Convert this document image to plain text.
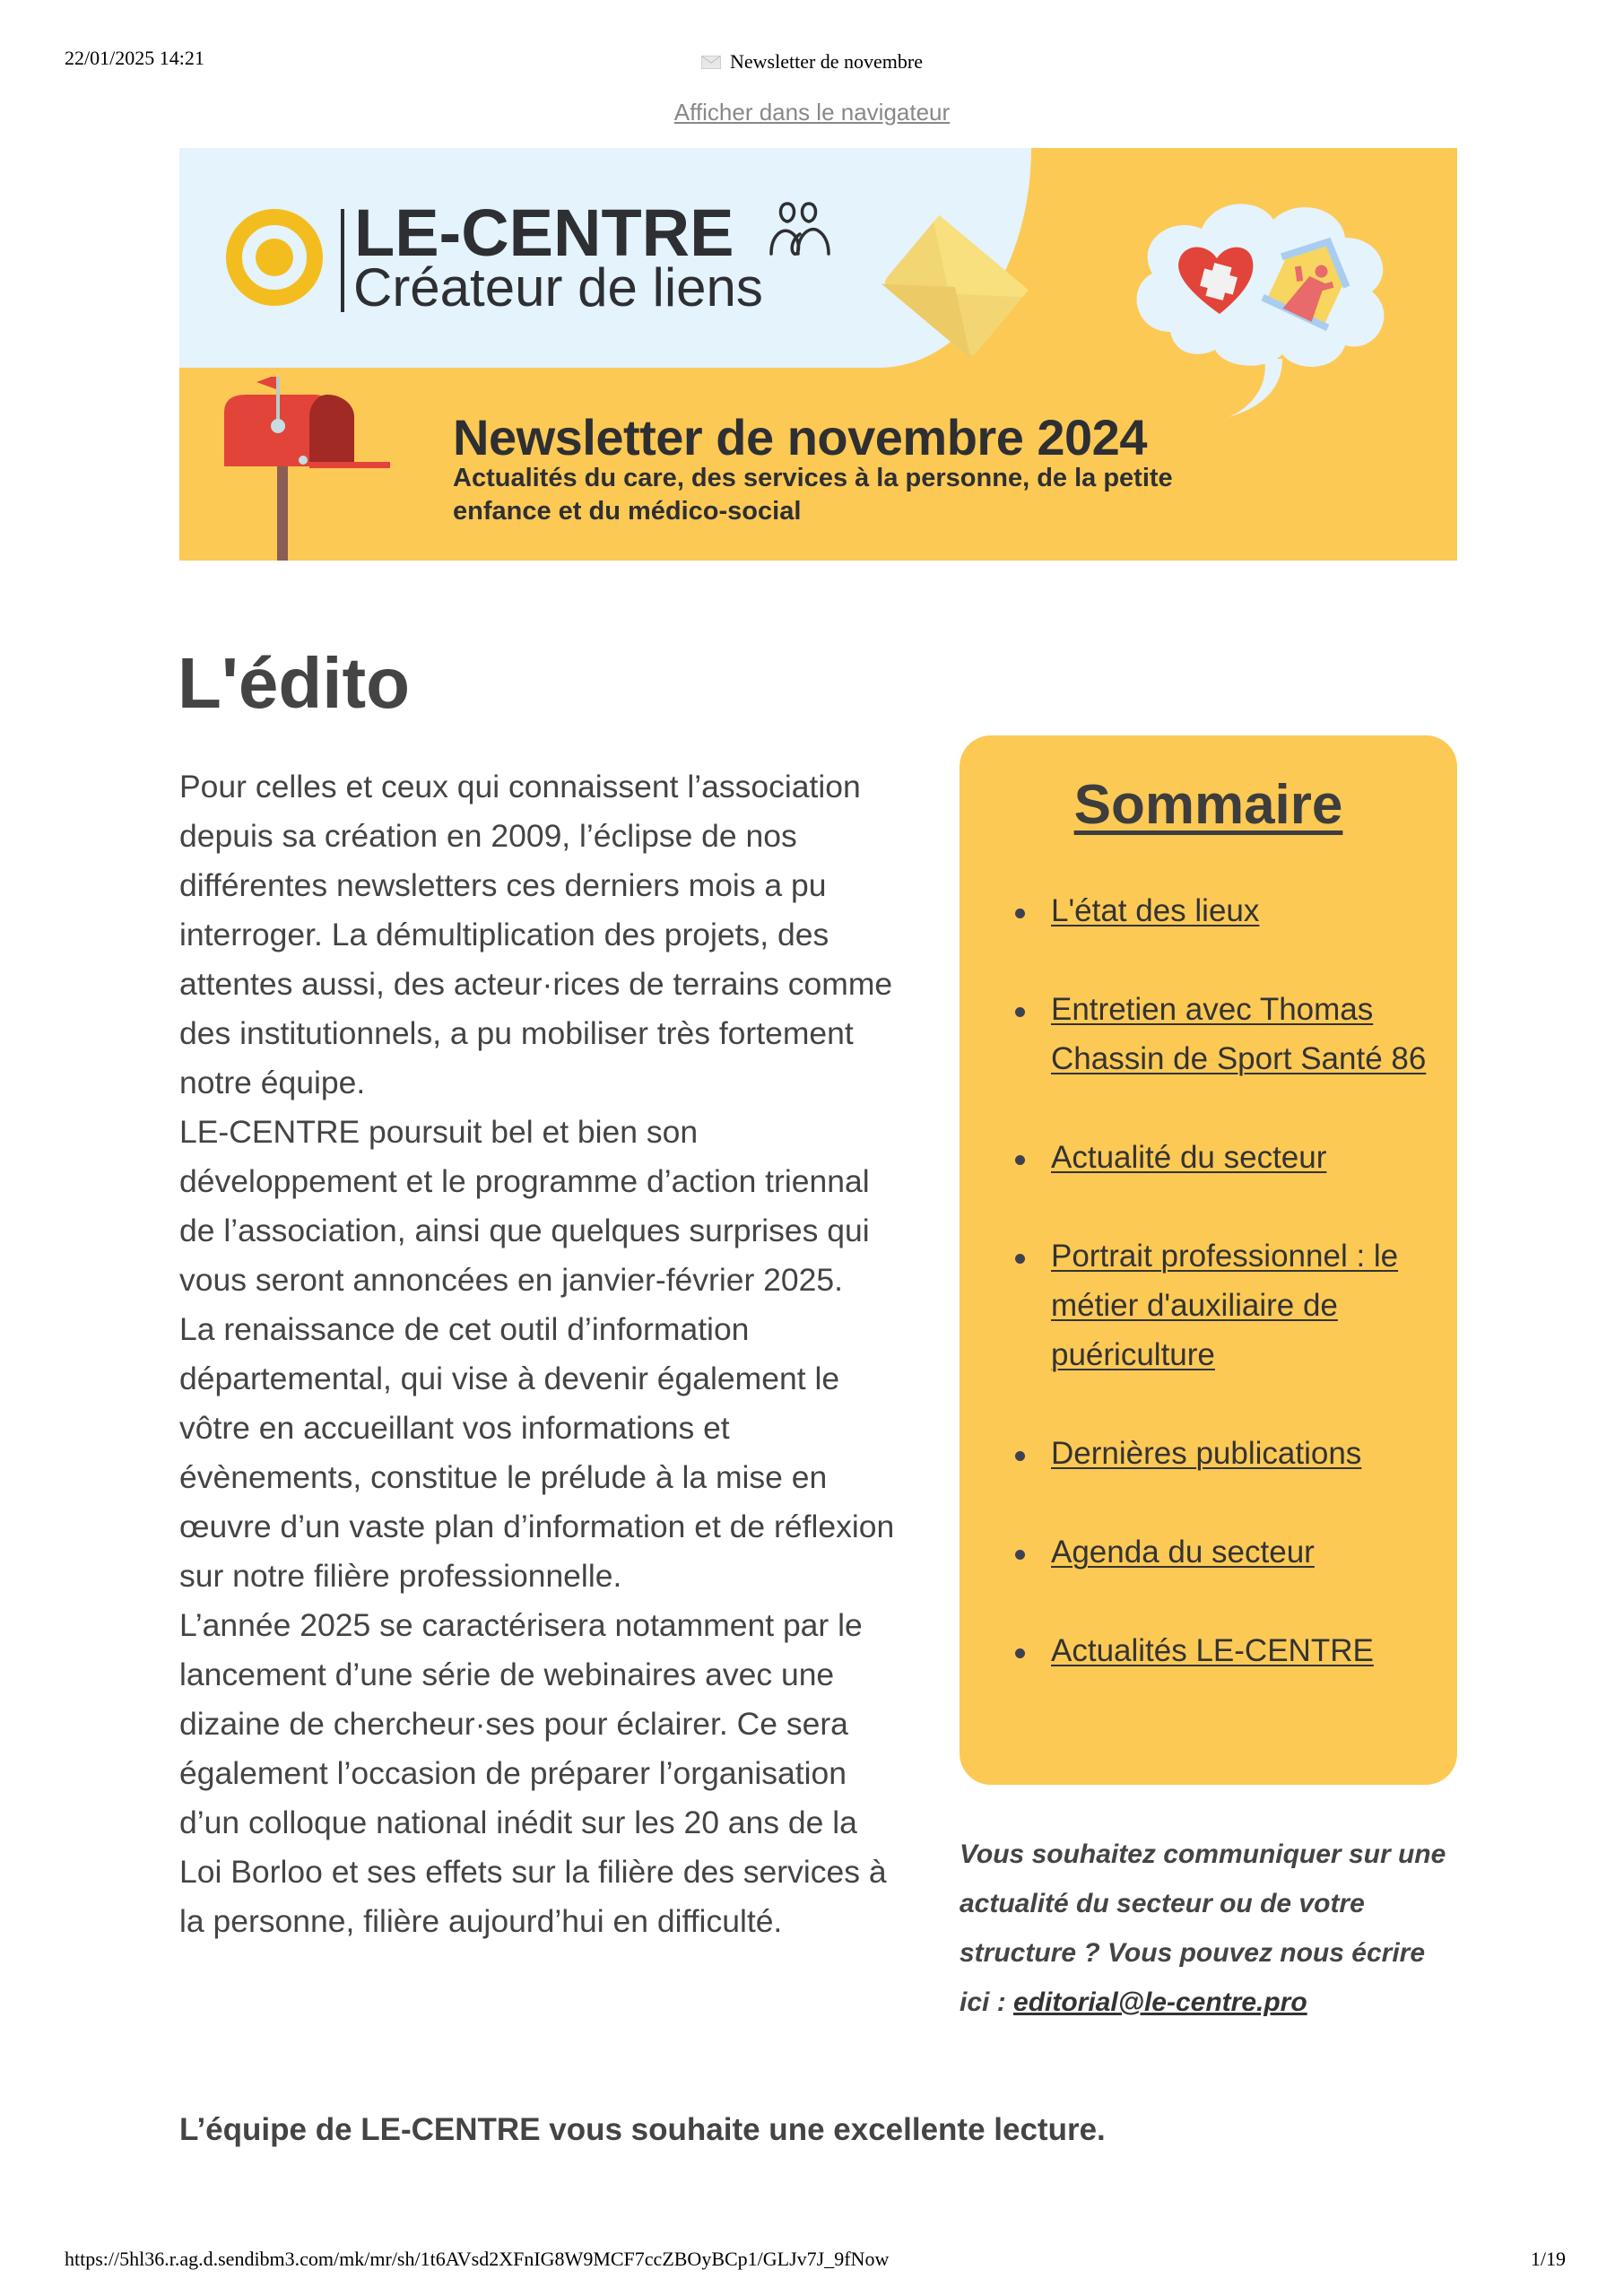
22/01/2025 14:21	Newsletter de novembre
Afficher dans le navigateur
LE-CENTRE
Créateur de liens
Newsletter de novembre 2024
Actualités du care, des services à la personne, de la petite enfance et du médico-social
L'édito

Pour celles et ceux qui connaissent l’association depuis sa création en 2009, l’éclipse de nos différentes newsletters ces derniers mois a pu interroger. La démultiplication des projets, des attentes aussi, des acteur·rices de terrains comme des institutionnels, a pu mobiliser très fortement notre équipe.

LE-CENTRE poursuit bel et bien son développement et le programme d’action triennal de l’association, ainsi que quelques surprises qui vous seront annoncées en janvier-février 2025.

La renaissance de cet outil d’information départemental, qui vise à devenir également le vôtre en accueillant vos informations et évènements, constitue le prélude à la mise en œuvre d’un vaste plan d’information et de réflexion sur notre filière professionnelle.

L’année 2025 se caractérisera notamment par le lancement d’une série de webinaires avec une dizaine de chercheur·ses pour éclairer. Ce sera également l’occasion de préparer l’organisation d’un colloque national inédit sur les 20 ans de la Loi Borloo et ses effets sur la filière des services à la personne, filière aujourd’hui en difficulté.

L’équipe de LE-CENTRE vous souhaite une excellente lecture.
Sommaire
L'état des lieux
Entretien avec Thomas Chassin de Sport Santé 86
Actualité du secteur
Portrait professionnel : le métier d'auxiliaire de puériculture
Dernières publications
Agenda du secteur
Actualités LE-CENTRE
Vous souhaitez communiquer sur une actualité du secteur ou de votre structure ? Vous pouvez nous écrire ici : editorial@le-centre.pro
https://5hl36.r.ag.d.sendibm3.com/mk/mr/sh/1t6AVsd2XFnIG8W9MCF7ccZBOyBCp1/GLJv7J_9fNow	1/19
